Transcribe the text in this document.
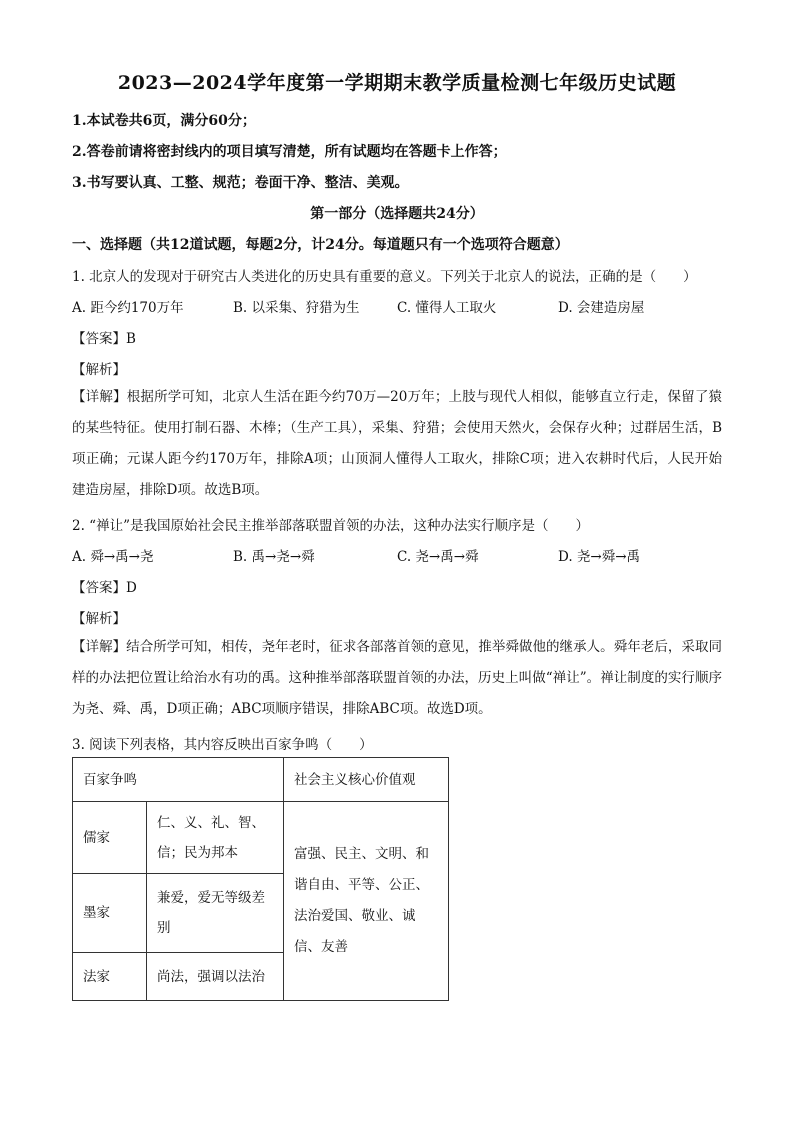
2023—2024学年度第一学期期末教学质量检测七年级历史试题
1.本试卷共6页，满分60分；
2.答卷前请将密封线内的项目填写清楚，所有试题均在答题卡上作答；
3.书写要认真、工整、规范；卷面干净、整洁、美观。
第一部分（选择题共24分）
一、选择题（共12道试题，每题2分，计24分。每道题只有一个选项符合题意）
1. 北京人的发现对于研究古人类进化的历史具有重要的意义。下列关于北京人的说法，正确的是（　　）
A. 距今约170万年	B. 以采集、狩猎为生	C. 懂得人工取火	D. 会建造房屋
【答案】B
【解析】
【详解】根据所学可知，北京人生活在距今约70万—20万年；上肢与现代人相似，能够直立行走，保留了猿的某些特征。使用打制石器、木棒；（生产工具），采集、狩猎；会使用天然火，会保存火种；过群居生活，B项正确；元谋人距今约170万年，排除A项；山顶洞人懂得人工取火，排除C项；进入农耕时代后，人民开始建造房屋，排除D项。故选B项。
2. “禅让”是我国原始社会民主推举部落联盟首领的办法，这种办法实行顺序是（　　）
A. 舜→禹→尧	B. 禹→尧→舜	C. 尧→禹→舜	D. 尧→舜→禹
【答案】D
【解析】
【详解】结合所学可知，相传，尧年老时，征求各部落首领的意见，推举舜做他的继承人。舜年老后，采取同样的办法把位置让给治水有功的禹。这种推举部落联盟首领的办法，历史上叫做“禅让”。禅让制度的实行顺序为尧、舜、禹，D项正确；ABC项顺序错误，排除ABC项。故选D项。
3. 阅读下列表格，其内容反映出百家争鸣（　　）
百家争鸣		社会主义核心价值观
儒家	仁、义、礼、智、信；民为邦本	富强、民主、文明、和谐自由、平等、公正、法治爱国、敬业、诚信、友善
墨家	兼爱，爱无等级差别	
法家	尚法，强调以法治	
